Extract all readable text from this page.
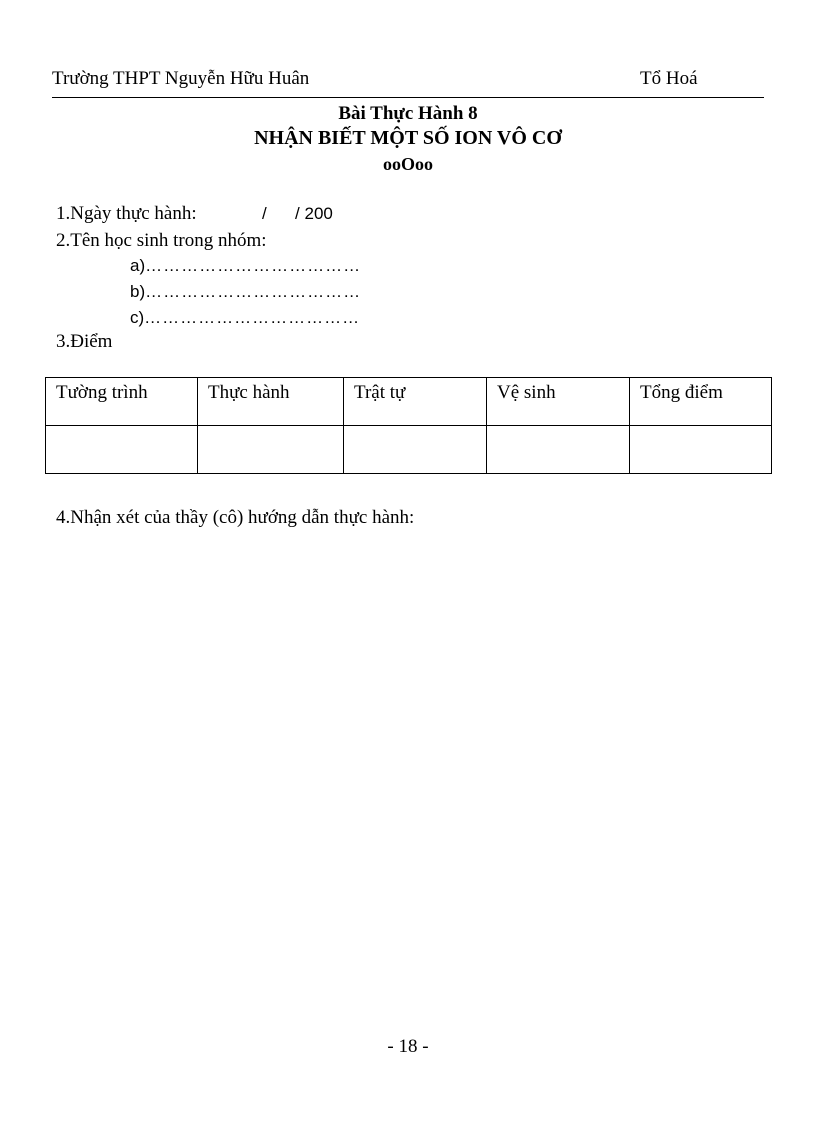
Trường THPT Nguyễn Hữu Huân	Tổ Hoá
Bài Thực Hành 8
NHẬN BIẾT MỘT SỐ ION VÔ CƠ
ooOoo
1.Ngày thực hành:	/      / 200
2.Tên học sinh trong nhóm:
a)………………………………
b)………………………………
c)………………………………
3.Điểm
Tường trình	Thực hành	Trật tự	Vệ sinh	Tổng điểm

4.Nhận xét của thầy (cô) hướng dẫn thực hành:
- 18 -
